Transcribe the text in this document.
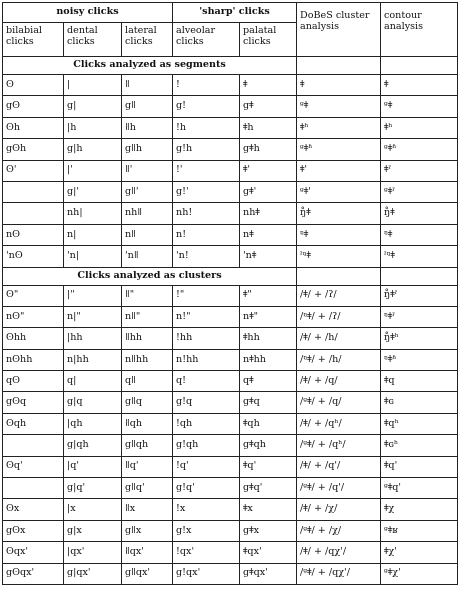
noisy clicks			'sharp' clicks		DoBeS cluster analysis	contour analysis
bilabial clicks	dental clicks	lateral clicks	alveolar clicks	palatal clicks		
Clicks analyzed as segments						
ʘ	|	ǁ	!	ǂ	ǂ	ǂ
gʘ	g|	gǁ	g!	gǂ	ᶢǂ	ᶢǂ
ʘh	|h	ǁh	!h	ǂh	ǂʰ	ǂʰ
gʘh	g|h	gǁh	g!h	gǂh	ᶢǂʱ	ᶢǂʱ
ʘ'	|'	ǁ'	!'	ǂ'	ǂ'	ǂˀ
	g|'	gǁ'	g!'	gǂ'	ᶢǂ'	ᶢǂˀ
	nh|	nhǁ	nh!	nhǂ	ŋ̊ǂ	ŋ̊ǂ
nʘ	n|	nǁ	n!	nǂ	ᵑǂ	ᵑǂ
'nʘ	'n|	'nǁ	'n!	'nǂ	ˀᵑǂ	ˀᵑǂ
Clicks analyzed as clusters						
ʘ"	|"	ǁ"	!"	ǂ"	/ǂ/ + /ʔ/	ŋ̊ǂˀ
nʘ"	n|"	nǁ"	n!"	nǂ"	/ᵑǂ/ + /ʔ/	ᵑǂˀ
ʘhh	|hh	ǁhh	!hh	ǂhh	/ǂ/ + /h/	ŋ̊ǂʰ
nʘhh	n|hh	nǁhh	n!hh	nǂhh	/ᵑǂ/ + /h/	ᵑǂʱ
qʘ	q|	qǁ	q!	qǂ	/ǂ/ + /q/	ǂq
gʘq	g|q	gǁq	g!q	gǂq	/ᶢǂ/ + /q/	ǂɢ
ʘqh	|qh	ǁqh	!qh	ǂqh	/ǂ/ + /qʰ/	ǂqʰ
	g|qh	gǁqh	g!qh	gǂqh	/ᶢǂ/ + /qʰ/	ǂɢʰ
ʘq'	|q'	ǁq'	!q'	ǂq'	/ǂ/ + /q'/	ǂq'
	g|q'	gǁq'	g!q'	gǂq'	/ᶢǂ/ + /q'/	ᶢǂq'
ʘx	|x	ǁx	!x	ǂx	/ǂ/ + /χ/	ǂχ
gʘx	g|x	gǁx	g!x	gǂx	/ᶢǂ/ + /χ/	ᶢǂʁ
ʘqx'	|qx'	ǁqx'	!qx'	ǂqx'	/ǂ/ + /qχ'/	ǂχ'
gʘqx'	g|qx'	gǁqx'	g!qx'	gǂqx'	/ᶢǂ/ + /qχ'/	ᶢǂχ'
